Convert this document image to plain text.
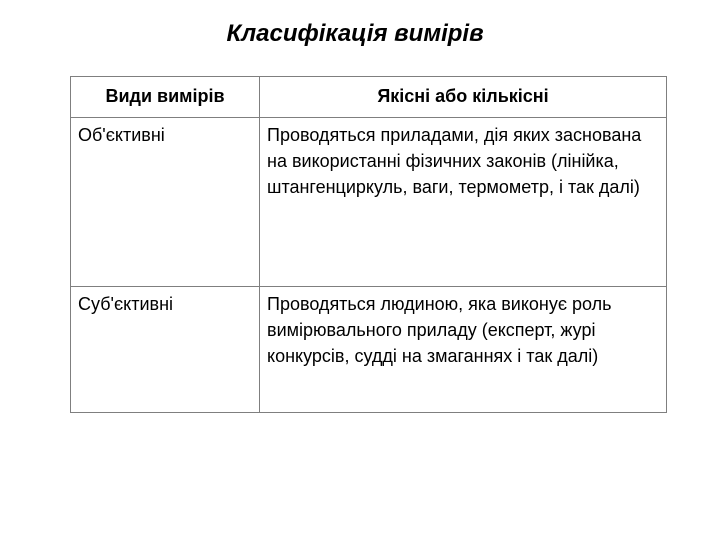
Класифікація вимірів
Види вимірів	Якісні або кількісні
Об'єктивні	Проводяться приладами, дія яких заснована на використанні фізичних законів (лінійка, штангенциркуль, ваги, термометр, і так далі)
Суб'єктивні	Проводяться людиною, яка виконує роль вимірювального приладу (експерт, журі конкурсів, судді на змаганнях і так далі)
